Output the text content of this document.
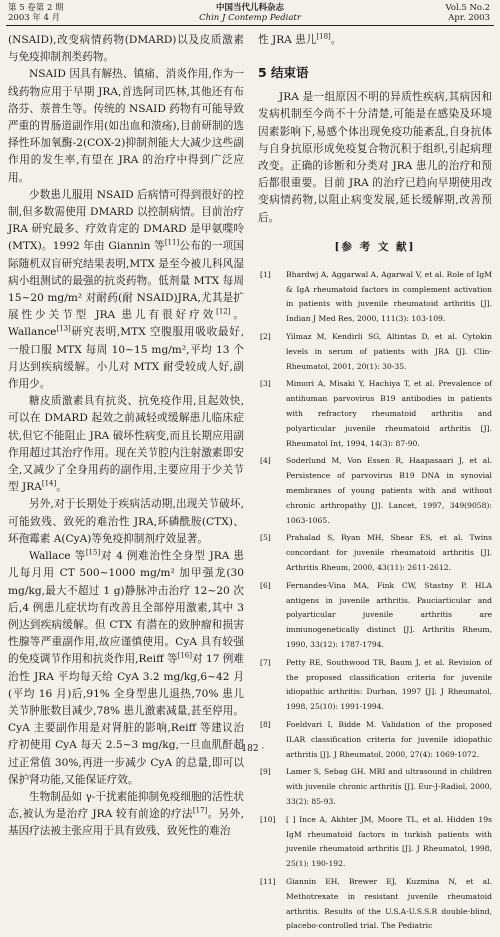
第 5 卷第 2 期
2003 年 4 月
中国当代儿科杂志
Chin J Contemp Pediatr
Vol.5 No.2
Apr. 2003

(NSAID),改变病情药物(DMARD)以及皮质激素与免疫抑制剂类药物。

NSAID 因具有解热、镇痛、消炎作用,作为一线药物应用于早期 JRA,首选阿司匹林,其他还有布洛芬、萘普生等。传统的 NSAID 药物有可能导致严重的胃肠道副作用(如出血和溃疡),目前研制的选择性环加氧酶-2(COX-2)抑制剂能大大减少这些副作用的发生率,有望在 JRA 的治疗中得到广泛应用。

少数患儿服用 NSAID 后病情可得到很好的控制,但多数需使用 DMARD 以控制病情。目前治疗 JRA 研究最多、疗效肯定的 DMARD 是甲氨喋呤(MTX)。1992 年由 Giannin 等[11]公布的一项国际随机双盲研究结果表明,MTX 是至今被儿科风湿病小组测试的最强的抗炎药物。低剂量 MTX 每周 15~20 mg/m² 对耐药(耐 NSAID)JRA,尤其是扩展性少关节型 JRA 患儿有很好疗效[12]。Wallance[13]研究表明,MTX 空腹服用吸收最好,一般口服 MTX 每周 10~15 mg/m²,平均 13 个月达到疾病缓解。小儿对 MTX 耐受较成人好,副作用少。

糖皮质激素具有抗炎、抗免疫作用,且起效快,可以在 DMARD 起效之前减轻或缓解患儿临床症状,但它不能阻止 JRA 破坏性病变,而且长期应用副作用超过其治疗作用。现在关节腔内注射激素即安全,又减少了全身用药的副作用,主要应用于少关节型 JRA[14]。

另外,对于长期处于疾病活动期,出现关节破坏,可能致残、致死的难治性 JRA,环磷酰胺(CTX)、环孢霉素 A(CyA)等免疫抑制剂疗效显著。

Wallace 等[15]对 4 例难治性全身型 JRA 患儿每月用 CT 500~1000 mg/m² 加甲强龙(30 mg/kg,最大不超过 1 g)静脉冲击治疗 12~20 次后,4 例患儿症状均有改善且全部停用激素,其中 3 例达到疾病缓解。但 CTX 有潜在的致肿瘤和损害性腺等严重副作用,故应谨慎使用。CyA 具有较强的免疫调节作用和抗炎作用,Reiff 等[16]对 17 例难治性 JRA 平均每天给 CyA 3.2 mg/kg,6~42 月(平均 16 月)后,91% 全身型患儿退热,70% 患儿关节肿胀数目减少,78% 患儿激素减量,甚至停用。CyA 主要副作用是对肾脏的影响,Reiff 等建议治疗初使用 CyA 每天 2.5~3 mg/kg,一旦血肌酐超过正常值 30%,再进一步减少 CyA 的总量,即可以保护肾功能,又能保证疗效。

生物制品如 γ-干扰素能抑制免疫细胞的活性状态,被认为是治疗 JRA 较有前途的疗法[17]。另外,基因疗法被主张应用于具有致残、致死性的难治

性 JRA 患儿[18]。

5 结束语

JRA 是一组原因不明的异质性疾病,其病因和发病机制至今尚不十分清楚,可能是在感染及环境因素影响下,易感个体出现免疫功能紊乱,自身抗体与自身抗原形成免疫复合物沉积于组织,引起病理改变。正确的诊断和分类对 JRA 患儿的治疗和预后都很重要。目前 JRA 的治疗已趋向早期使用改变病情药物,以阻止病变发展,延长缓解期,改善预后。

[参 考 文 献]
[1] Bhardwj A, Aggarwal A, Agarwal V, et al. Role of IgM & IgA rheumatoid factors in complement activation in patients with juvenile rheumatoid arthritis [J]. Indian J Med Res, 2000, 111(3): 103-109.
[2] Yilmaz M, Kendirli SG, Altintas D, et al. Cytokin levels in serum of patients with JRA [J]. Clin-Rheumatol, 2001, 20(1): 30-35.
[3] Mimori A, Misaki Y, Hachiya T, et al. Prevalence of antihuman parvovirus B19 antibodies in patients with refractory rheumatoid arthritis and polyarticular juvenile rheumatoid arthritis [J]. Rheumatol Int, 1994, 14(3): 87-90.
[4] Soderlund M, Von Essen R, Haapasaari J, et al. Persistence of parvovirus B19 DNA in synovial membranes of young patients with and without chronic arthropathy [J]. Lancet, 1997, 349(9058): 1063-1065.
[5] Prahalad S, Ryan MH, Shear ES, et al. Twins concordant for juvenile rheumatoid arthritis [J]. Arthritis Rheum, 2000, 43(11): 2611-2612.
[6] Fernandes-Vina MA, Fink CW, Stastny P. HLA antigens in juvenile arthritis. Pauciarticular and polyarticular juvenile arthritis are immunogenetically distinct [J]. Arthritis Rheum, 1990, 33(12): 1787-1794.
[7] Petty RE, Southwood TR, Baum J, et al. Revision of the proposed classification criteria for juvenile idiopathic arthritis: Durban, 1997 [J]. J Rheumatol, 1998, 25(10): 1991-1994.
[8] Foeldvari I, Bidde M. Validation of the proposed ILAR classification criteria for juvenile idiopathic arthritis [J]. J Rheumatol, 2000, 27(4): 1069-1072.
[9] Lamer S, Sebag GH. MRI and ultrasound in children with juvenile chronic arthritis [J]. Eur-J-Radiol, 2000, 33(2): 85-93.
[10] [ ] Ince A, Akhter JM, Moore TL, et al. Hidden 19s IgM rheumatoid factors in turkish patients with juvenile rheumatoid arthritis [J]. J Rheumatol, 1998, 25(1): 190-192.
[11] Giannin EH, Brewer EJ, Kuzmina N, et al. Methotrexate in resistant juvenile rheumatoid arthritis. Results of the U.S.A-U.S.S.R double-blind, placebo-controlled trial. The Pediatric
· 182 ·
